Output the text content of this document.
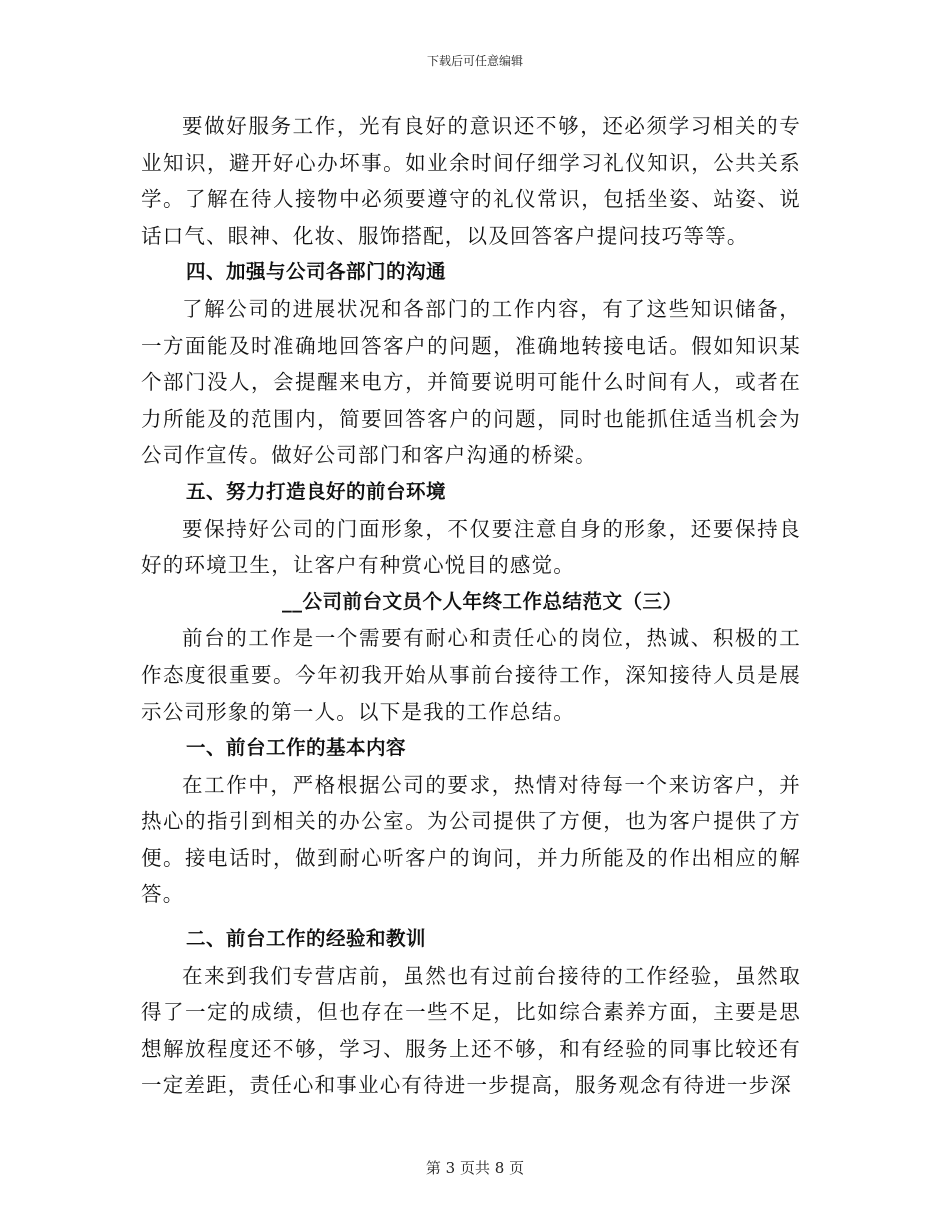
下载后可任意编辑

要做好服务工作，光有良好的意识还不够，还必须学习相关的专业知识，避开好心办坏事。如业余时间仔细学习礼仪知识，公共关系学。了解在待人接物中必须要遵守的礼仪常识，包括坐姿、站姿、说话口气、眼神、化妆、服饰搭配，以及回答客户提问技巧等等。

四、加强与公司各部门的沟通

了解公司的进展状况和各部门的工作内容，有了这些知识储备，一方面能及时准确地回答客户的问题，准确地转接电话。假如知识某个部门没人，会提醒来电方，并简要说明可能什么时间有人，或者在力所能及的范围内，简要回答客户的问题，同时也能抓住适当机会为公司作宣传。做好公司部门和客户沟通的桥梁。

五、努力打造良好的前台环境

要保持好公司的门面形象，不仅要注意自身的形象，还要保持良好的环境卫生，让客户有种赏心悦目的感觉。

__公司前台文员个人年终工作总结范文（三）

前台的工作是一个需要有耐心和责任心的岗位，热诚、积极的工作态度很重要。今年初我开始从事前台接待工作，深知接待人员是展示公司形象的第一人。以下是我的工作总结。

一、前台工作的基本内容

在工作中，严格根据公司的要求，热情对待每一个来访客户，并热心的指引到相关的办公室。为公司提供了方便，也为客户提供了方便。接电话时，做到耐心听客户的询问，并力所能及的作出相应的解答。

二、前台工作的经验和教训

在来到我们专营店前，虽然也有过前台接待的工作经验，虽然取得了一定的成绩，但也存在一些不足，比如综合素养方面，主要是思想解放程度还不够，学习、服务上还不够，和有经验的同事比较还有一定差距，责任心和事业心有待进一步提高，服务观念有待进一步深

第 3 页共 8 页
